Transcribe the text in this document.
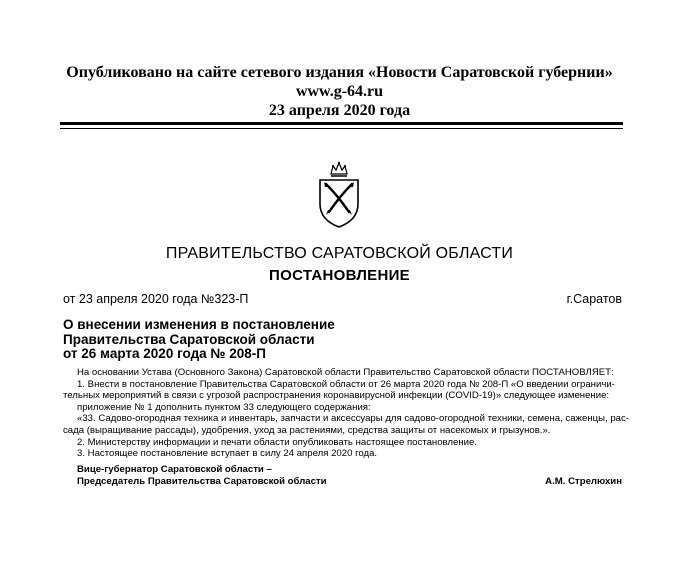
Опубликовано на сайте сетевого издания «Новости Саратовской губернии»
www.g-64.ru
23 апреля 2020 года
ПРАВИТЕЛЬСТВО САРАТОВСКОЙ ОБЛАСТИ
ПОСТАНОВЛЕНИЕ
от 23 апреля 2020 года №323-П	г.Саратов
О внесении изменения в постановление
Правительства Саратовской области
от 26 марта 2020 года № 208-П
На основании Устава (Основного Закона) Саратовской области Правительство Саратовской области ПОСТАНОВЛЯЕТ:
1. Внести в постановление Правительства Саратовской области от 26 марта 2020 года № 208-П «О введении ограничи-
тельных мероприятий в связи с угрозой распространения коронавирусной инфекции (COVID-19)» следующее изменение:
приложение № 1 дополнить пунктом 33 следующего содержания:
«33. Садово-огородная техника и инвентарь, запчасти и аксессуары для садово-огородной техники, семена, саженцы, рас-
сада (выращивание рассады), удобрения, уход за растениями, средства защиты от насекомых и грызунов.».
2. Министерству информации и печати области опубликовать настоящее постановление.
3. Настоящее постановление вступает в силу 24 апреля 2020 года.
Вице-губернатор Саратовской области –
Председатель Правительства Саратовской области	А.М. Стрелюхин
